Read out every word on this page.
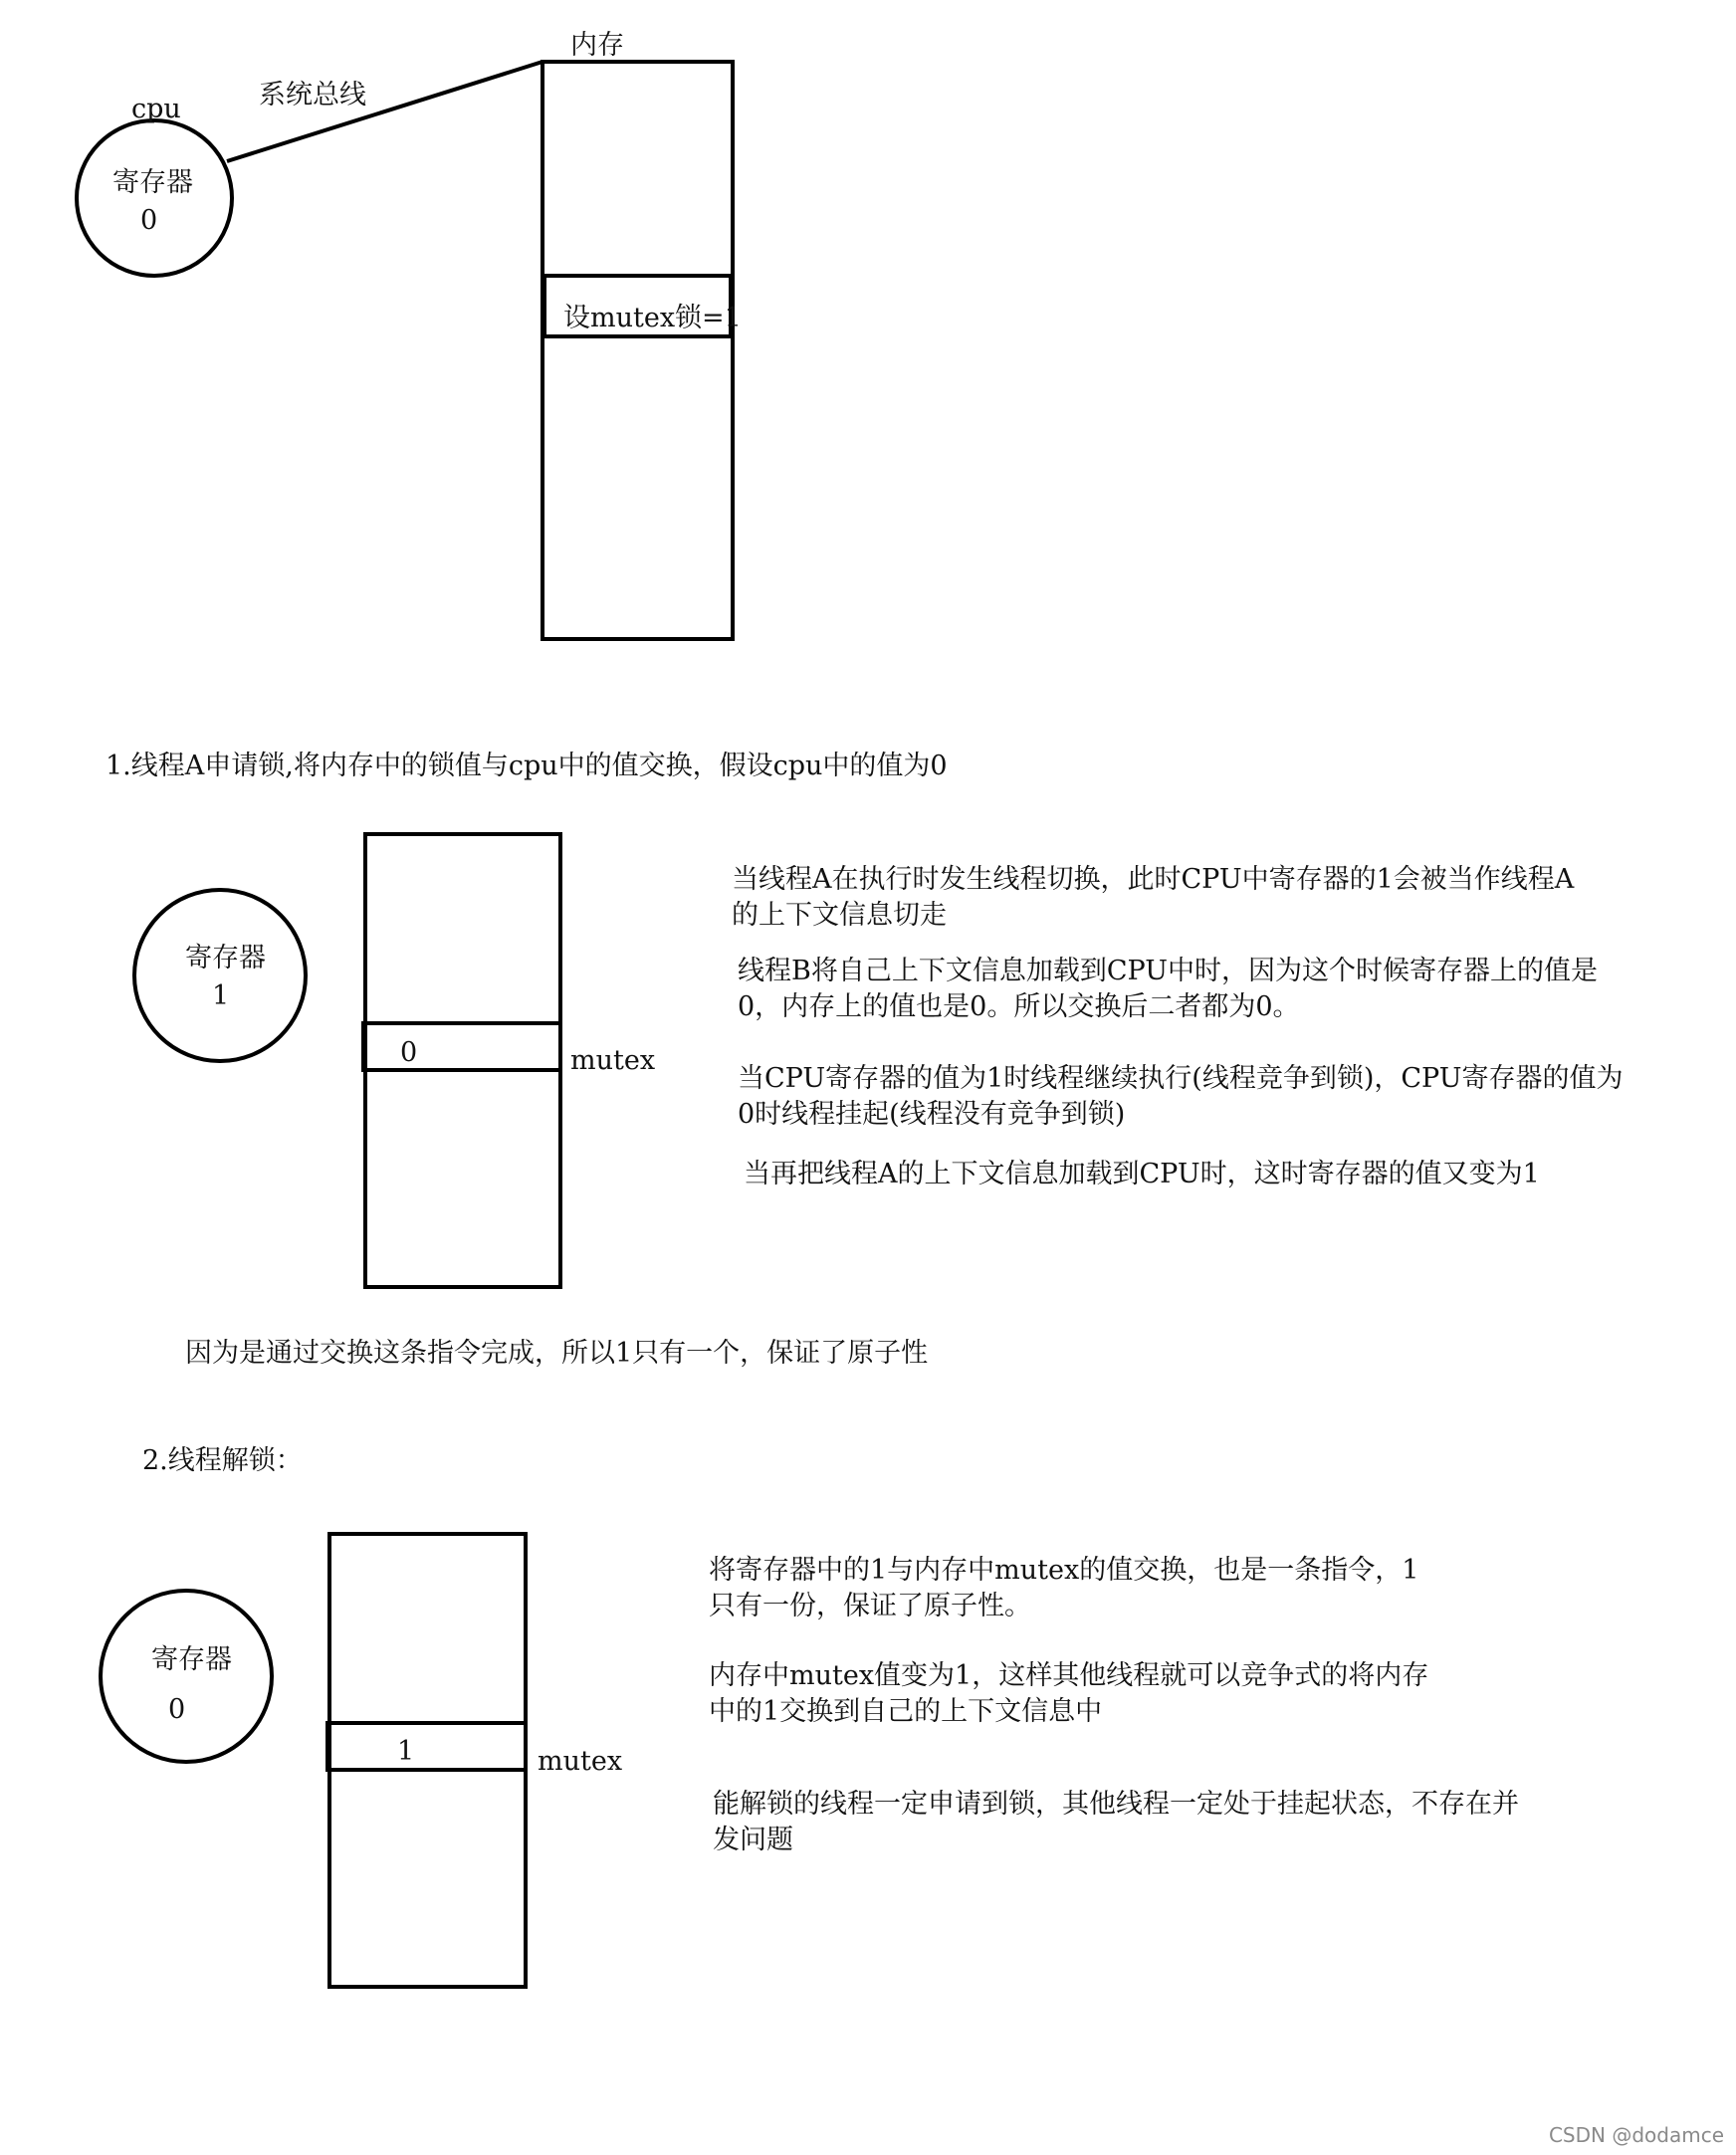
cpu	系统总线
内存
寄存器
0
设mutex锁=1
1.线程A申请锁,将内存中的锁值与cpu中的值交换，假设cpu中的值为0
寄存器
1
0	mutex
当线程A在执行时发生线程切换，此时CPU中寄存器的1会被当作线程A的上下文信息切走
线程B将自己上下文信息加载到CPU中时，因为这个时候寄存器上的值是0，内存上的值也是0。所以交换后二者都为0。
当CPU寄存器的值为1时线程继续执行(线程竞争到锁)，CPU寄存器的值为0时线程挂起(线程没有竞争到锁)
当再把线程A的上下文信息加载到CPU时，这时寄存器的值又变为1
因为是通过交换这条指令完成，所以1只有一个，保证了原子性
2.线程解锁：
寄存器
0
1	mutex
将寄存器中的1与内存中mutex的值交换，也是一条指令，1只有一份，保证了原子性。
内存中mutex值变为1，这样其他线程就可以竞争式的将内存中的1交换到自己的上下文信息中
能解锁的线程一定申请到锁，其他线程一定处于挂起状态，不存在并发问题
CSDN @dodamce
